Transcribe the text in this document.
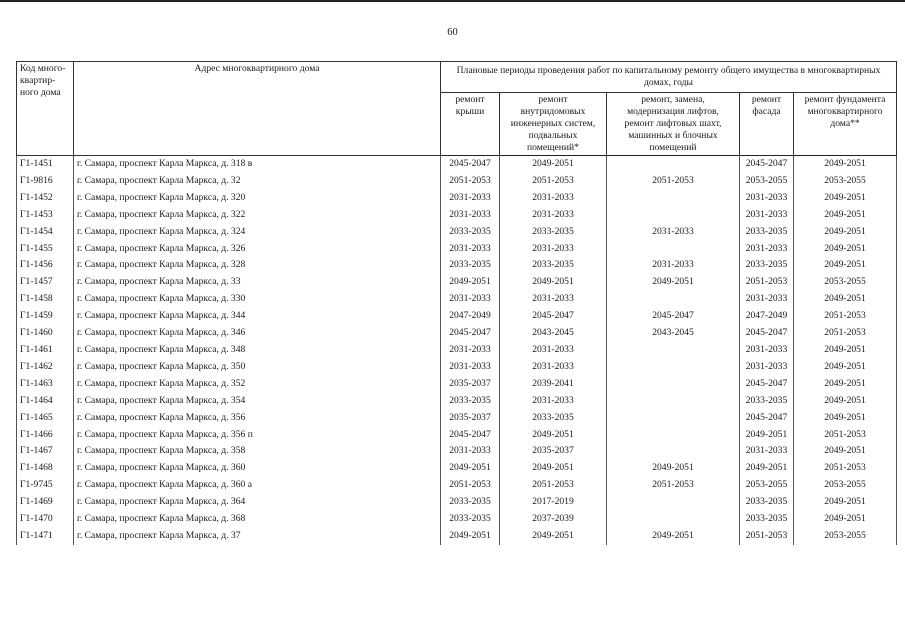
60
Код много-
квартир-
ного дома	Адрес многоквартирного дома	Плановые периоды проведения работ по капитальному ремонту общего имущества в многоквартирных домах, годы				
		ремонт
крыши	ремонт
внутридомовых
инженерных систем,
подвальных
помещений*	ремонт, замена,
модернизация лифтов,
ремонт лифтовых шахт,
машинных и блочных
помещений	ремонт
фасада	ремонт фундамента
многоквартирного
дома**
Г1-1451	г. Самара, проспект Карла Маркса, д. 318 в	2045-2047	2049-2051		2045-2047	2049-2051
Г1-9816	г. Самара, проспект Карла Маркса, д. 32	2051-2053	2051-2053	2051-2053	2053-2055	2053-2055
Г1-1452	г. Самара, проспект Карла Маркса, д. 320	2031-2033	2031-2033		2031-2033	2049-2051
Г1-1453	г. Самара, проспект Карла Маркса, д. 322	2031-2033	2031-2033		2031-2033	2049-2051
Г1-1454	г. Самара, проспект Карла Маркса, д. 324	2033-2035	2033-2035	2031-2033	2033-2035	2049-2051
Г1-1455	г. Самара, проспект Карла Маркса, д. 326	2031-2033	2031-2033		2031-2033	2049-2051
Г1-1456	г. Самара, проспект Карла Маркса, д. 328	2033-2035	2033-2035	2031-2033	2033-2035	2049-2051
Г1-1457	г. Самара, проспект Карла Маркса, д. 33	2049-2051	2049-2051	2049-2051	2051-2053	2053-2055
Г1-1458	г. Самара, проспект Карла Маркса, д. 330	2031-2033	2031-2033		2031-2033	2049-2051
Г1-1459	г. Самара, проспект Карла Маркса, д. 344	2047-2049	2045-2047	2045-2047	2047-2049	2051-2053
Г1-1460	г. Самара, проспект Карла Маркса, д. 346	2045-2047	2043-2045	2043-2045	2045-2047	2051-2053
Г1-1461	г. Самара, проспект Карла Маркса, д. 348	2031-2033	2031-2033		2031-2033	2049-2051
Г1-1462	г. Самара, проспект Карла Маркса, д. 350	2031-2033	2031-2033		2031-2033	2049-2051
Г1-1463	г. Самара, проспект Карла Маркса, д. 352	2035-2037	2039-2041		2045-2047	2049-2051
Г1-1464	г. Самара, проспект Карла Маркса, д. 354	2033-2035	2031-2033		2033-2035	2049-2051
Г1-1465	г. Самара, проспект Карла Маркса, д. 356	2035-2037	2033-2035		2045-2047	2049-2051
Г1-1466	г. Самара, проспект Карла Маркса, д. 356 п	2045-2047	2049-2051		2049-2051	2051-2053
Г1-1467	г. Самара, проспект Карла Маркса, д. 358	2031-2033	2035-2037		2031-2033	2049-2051
Г1-1468	г. Самара, проспект Карла Маркса, д. 360	2049-2051	2049-2051	2049-2051	2049-2051	2051-2053
Г1-9745	г. Самара, проспект Карла Маркса, д. 360 а	2051-2053	2051-2053	2051-2053	2053-2055	2053-2055
Г1-1469	г. Самара, проспект Карла Маркса, д. 364	2033-2035	2017-2019		2033-2035	2049-2051
Г1-1470	г. Самара, проспект Карла Маркса, д. 368	2033-2035	2037-2039		2033-2035	2049-2051
Г1-1471	г. Самара, проспект Карла Маркса, д. 37	2049-2051	2049-2051	2049-2051	2051-2053	2053-2055
